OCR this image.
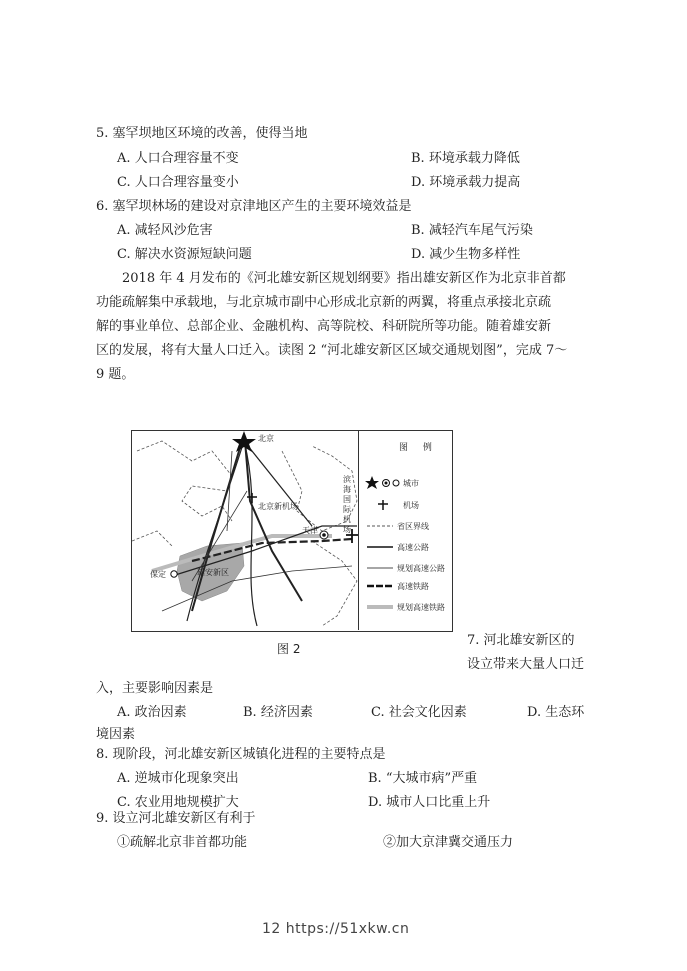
5. 塞罕坝地区环境的改善，使得当地
A. 人口合理容量不变	B. 环境承载力降低
C. 人口合理容量变小	D. 环境承载力提高
6. 塞罕坝林场的建设对京津地区产生的主要环境效益是
A. 减轻风沙危害	B. 减轻汽车尾气污染
C. 解决水资源短缺问题	D. 减少生物多样性
　　2018 年 4 月发布的《河北雄安新区规划纲要》指出雄安新区作为北京非首都
功能疏解集中承载地，与北京城市副中心形成北京新的两翼，将重点承接北京疏
解的事业单位、总部企业、金融机构、高等院校、科研院所等功能。随着雄安新
区的发展，将有大量人口迁入。读图 2 “河北雄安新区区域交通规划图”，完成 7～
9 题。
北京
北京新机场
天津
保定	雄安新区
滨海国际机场
图 例
城市
机场
省区界线
高速公路
规划高速公路
高速铁路
规划高速铁路
图 2
7. 河北雄安新区的
设立带来大量人口迁
入，主要影响因素是
A. 政治因素	B. 经济因素	C. 社会文化因素	D. 生态环
境因素
8. 现阶段，河北雄安新区城镇化进程的主要特点是
A. 逆城市化现象突出	B. “大城市病”严重
C. 农业用地规模扩大	D. 城市人口比重上升
9. 设立河北雄安新区有利于
①疏解北京非首都功能	②加大京津冀交通压力
12 https://51xkw.cn
